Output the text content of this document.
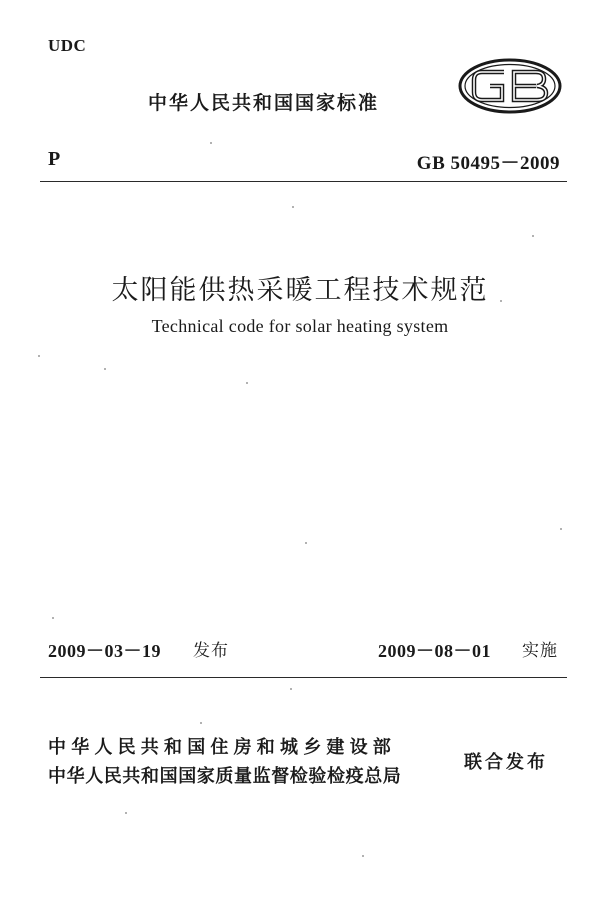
UDC
中华人民共和国国家标准
P	GB 50495－2009
太阳能供热采暖工程技术规范
Technical code for solar heating system
2009－03－19 发布	2009－08－01 实施
中华人民共和国住房和城乡建设部
中华人民共和国国家质量监督检验检疫总局
联合发布
